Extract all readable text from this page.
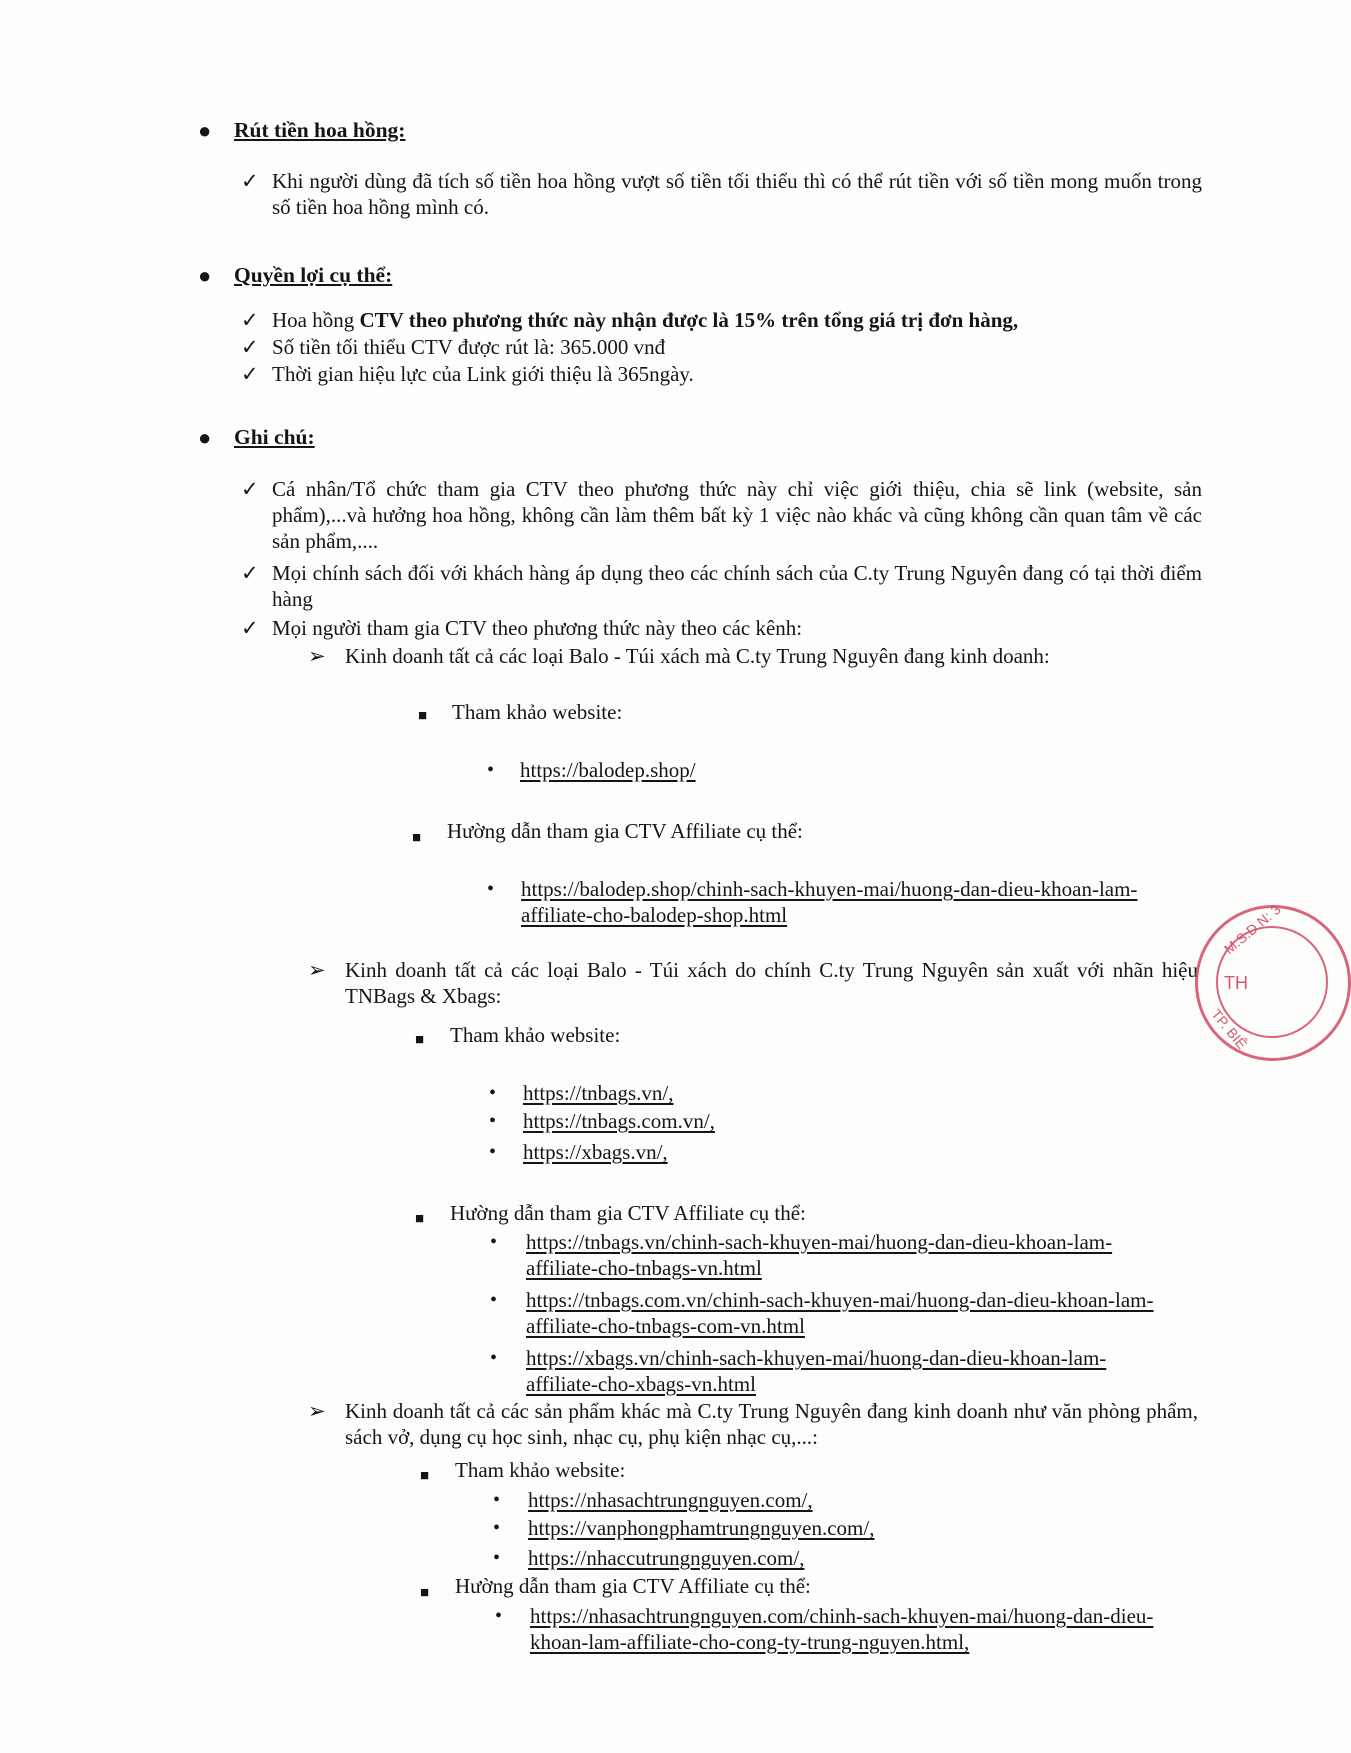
● Rút tiền hoa hồng:
✓ Khi người dùng đã tích số tiền hoa hồng vượt số tiền tối thiểu thì có thể rút tiền với số tiền mong muốn trong số tiền hoa hồng mình có.
● Quyền lợi cụ thể:
✓ Hoa hồng CTV theo phương thức này nhận được là 15% trên tổng giá trị đơn hàng,
✓ Số tiền tối thiểu CTV được rút là: 365.000 vnđ
✓ Thời gian hiệu lực của Link giới thiệu là 365ngày.
● Ghi chú:
✓ Cá nhân/Tổ chức tham gia CTV theo phương thức này chỉ việc giới thiệu, chia sẽ link (website, sản phẩm),...và hưởng hoa hồng, không cần làm thêm bất kỳ 1 việc nào khác và cũng không cần quan tâm về các sản phẩm,....
✓ Mọi chính sách đối với khách hàng áp dụng theo các chính sách của C.ty Trung Nguyên đang có tại thời điểm hàng
✓ Mọi người tham gia CTV theo phương thức này theo các kênh:
➢ Kinh doanh tất cả các loại Balo - Túi xách mà C.ty Trung Nguyên đang kinh doanh:
■ Tham khảo website:
• https://balodep.shop/
■ Hường dẫn tham gia CTV Affiliate cụ thể:
• https://balodep.shop/chinh-sach-khuyen-mai/huong-dan-dieu-khoan-lam-affiliate-cho-balodep-shop.html
➢ Kinh doanh tất cả các loại Balo - Túi xách do chính C.ty Trung Nguyên sản xuất với nhãn hiệu TNBags & Xbags:
■ Tham khảo website:
• https://tnbags.vn/,
• https://tnbags.com.vn/,
• https://xbags.vn/,
■ Hường dẫn tham gia CTV Affiliate cụ thể:
• https://tnbags.vn/chinh-sach-khuyen-mai/huong-dan-dieu-khoan-lam-affiliate-cho-tnbags-vn.html
• https://tnbags.com.vn/chinh-sach-khuyen-mai/huong-dan-dieu-khoan-lam-affiliate-cho-tnbags-com-vn.html
• https://xbags.vn/chinh-sach-khuyen-mai/huong-dan-dieu-khoan-lam-affiliate-cho-xbags-vn.html
➢ Kinh doanh tất cả các sản phẩm khác mà C.ty Trung Nguyên đang kinh doanh như văn phòng phẩm, sách vở, dụng cụ học sinh, nhạc cụ, phụ kiện nhạc cụ,...:
■ Tham khảo website:
• https://nhasachtrungnguyen.com/,
• https://vanphongphamtrungnguyen.com/,
• https://nhaccutrungnguyen.com/,
■ Hường dẫn tham gia CTV Affiliate cụ thể:
• https://nhasachtrungnguyen.com/chinh-sach-khuyen-mai/huong-dan-dieu-khoan-lam-affiliate-cho-cong-ty-trung-nguyen.html,
M.S.D.N: 3
TH
TP. BIÊ
